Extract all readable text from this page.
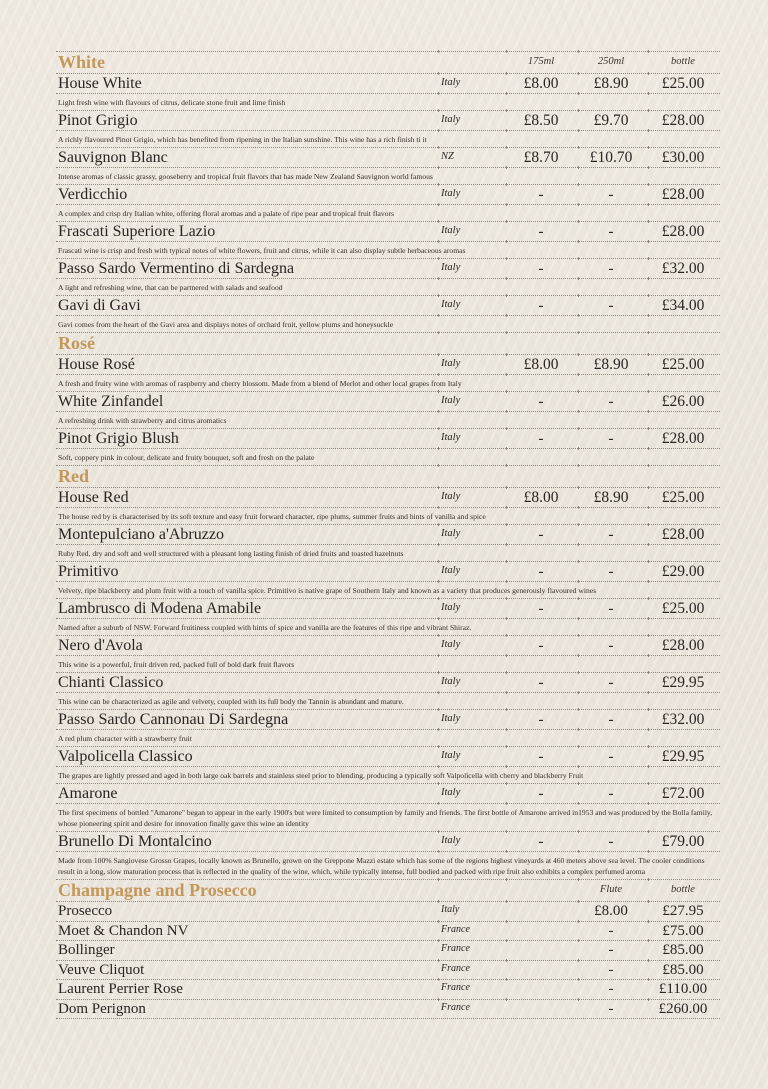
White	175ml	250ml	bottle
House White	Italy	£8.00	£8.90	£25.00
Light fresh wine with flavours of citrus, delicate stone fruit and lime finish
Pinot Grigio	Italy	£8.50	£9.70	£28.00
A richly flavoured Pinot Grigio, which has benefited from ripening in the Italian sunshine. This wine has a rich finish ti it
Sauvignon Blanc	NZ	£8.70	£10.70	£30.00
Intense aromas of classic grassy, gooseberry and tropical fruit flavors that has made New Zealand Sauvignon world famous
Verdicchio	Italy	-	-	£28.00
A complex and crisp dry Italian white, offering floral aromas and a palate of ripe pear and tropical fruit flavors
Frascati Superiore Lazio	Italy	-	-	£28.00
Frascati wine is crisp and fresh with typical notes of white flowers, fruit and citrus, while it can also display subtle herbaceous aromas
Passo Sardo Vermentino di Sardegna	Italy	-	-	£32.00
A light and refreshing wine, that can be partnered with salads and seafood
Gavi di Gavi	Italy	-	-	£34.00
Gavi comes from the heart of the Gavi area and displays notes of orchard fruit, yellow plums and honeysuckle
Rosé
House Rosé	Italy	£8.00	£8.90	£25.00
A fresh and fruity wine with aromas of raspberry and cherry blossom. Made from a blend of Merlot and other local grapes from Italy
White Zinfandel	Italy	-	-	£26.00
A refreshing drink with strawberry and citrus aromatics
Pinot Grigio Blush	Italy	-	-	£28.00
Soft, coppery pink in colour, delicate and fruity bouquet, soft and fresh on the palate
Red
House Red	Italy	£8.00	£8.90	£25.00
The house red by is characterised by its soft texture and easy fruit forward character, ripe plums, summer fruits and hints of vanilla and spice
Montepulciano a'Abruzzo	Italy	-	-	£28.00
Ruby Red, dry and soft and well structured with a pleasant long lasting finish of dried fruits and toasted hazelnuts
Primitivo	Italy	-	-	£29.00
Velvety, ripe blackberry and plum fruit with a touch of vanilla spice. Primitivo is native grape of Southern Italy and known as a variety that produces generously flavoured wines
Lambrusco di Modena Amabile	Italy	-	-	£25.00
Named after a suburb of NSW. Forward fruitiness coupled with hints of spice and vanilla are the features of this ripe and vibrant Shiraz.
Nero d'Avola	Italy	-	-	£28.00
This wine is a powerful, fruit driven red, packed full of bold dark fruit flavors
Chianti Classico	Italy	-	-	£29.95
This wine can be characterized as agile and velvety, coupled with its full body the Tannin is abundant and mature.
Passo Sardo Cannonau Di Sardegna	Italy	-	-	£32.00
A red plum character with a strawberry fruit
Valpolicella Classico	Italy	-	-	£29.95
The grapes are lightly pressed and aged in both large oak barrels and stainless steel prior to blending, producing a typically soft Valpolicella with cherry and blackberry Fruit
Amarone	Italy	-	-	£72.00
The first specimens of bottled "Amarone" began to appear in the early 1900's but were limited to consumption by family and friends. The first bottle of Amarone arrived in1953 and was produced by the Bolla family, whose pioneering spirit and desire for innovation finally gave this wine an identity
Brunello Di Montalcino	Italy	-	-	£79.00
Made from 100% Sangiovese Grosso Grapes, locally known as Brunello, grown on the Greppone Mazzi estate which has some of the regions highest vineyards at 460 meters above sea level. The cooler conditions result in a long, slow maturation process that is reflected in the quality of the wine, which, while typically intense, full bodied and packed with ripe fruit also exhibits a complex perfumed aroma
Champagne and Prosecco	Flute	bottle
Prosecco	Italy	£8.00	£27.95
Moet & Chandon NV	France	-	£75.00
Bollinger	France	-	£85.00
Veuve Cliquot	France	-	£85.00
Laurent Perrier Rose	France	-	£110.00
Dom Perignon	France	-	£260.00
